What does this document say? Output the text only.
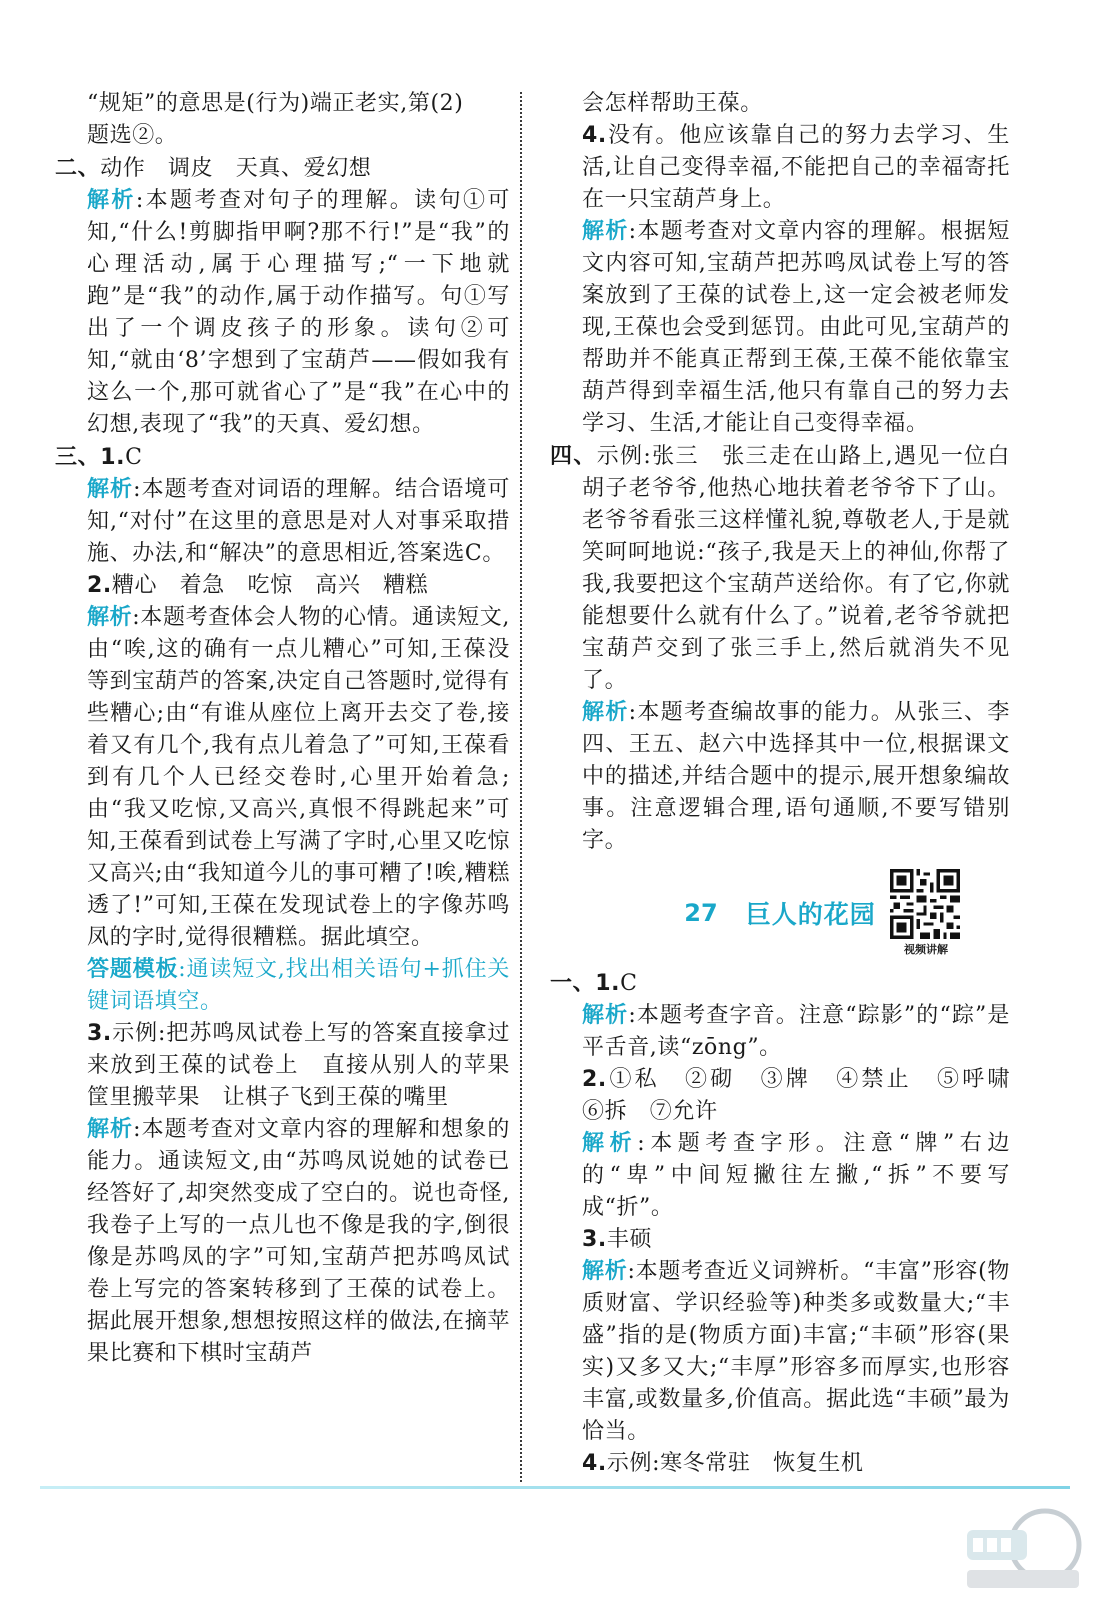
“规矩”的意思是(行为)端正老实,第(2)

题选②。

二、动作　调皮　天真、爱幻想

解析:本题考查对句子的理解。读句①可知,“什么!剪脚指甲啊?那不行!”是“我”的心理活动,属于心理描写;“一下地就跑”是“我”的动作,属于动作描写。句①写出了一个调皮孩子的形象。读句②可知,“就由‘8’字想到了宝葫芦——假如我有这么一个,那可就省心了”是“我”在心中的幻想,表现了“我”的天真、爱幻想。

三、1.C

解析:本题考查对词语的理解。结合语境可知,“对付”在这里的意思是对人对事采取措施、办法,和“解决”的意思相近,答案选C。

2.糟心　着急　吃惊　高兴　糟糕

解析:本题考查体会人物的心情。通读短文,由“唉,这的确有一点儿糟心”可知,王葆没等到宝葫芦的答案,决定自己答题时,觉得有些糟心;由“有谁从座位上离开去交了卷,接着又有几个,我有点儿着急了”可知,王葆看到有几个人已经交卷时,心里开始着急;由“我又吃惊,又高兴,真恨不得跳起来”可知,王葆看到试卷上写满了字时,心里又吃惊又高兴;由“我知道今儿的事可糟了!唉,糟糕透了!”可知,王葆在发现试卷上的字像苏鸣凤的字时,觉得很糟糕。据此填空。

答题模板:通读短文,找出相关语句+抓住关键词语填空。

3.示例:把苏鸣凤试卷上写的答案直接拿过来放到王葆的试卷上　直接从别人的苹果筐里搬苹果　让棋子飞到王葆的嘴里

解析:本题考查对文章内容的理解和想象的能力。通读短文,由“苏鸣凤说她的试卷已经答好了,却突然变成了空白的。说也奇怪,我卷子上写的一点儿也不像是我的字,倒很像是苏鸣凤的字”可知,宝葫芦把苏鸣凤试卷上写完的答案转移到了王葆的试卷上。据此展开想象,想想按照这样的做法,在摘苹果比赛和下棋时宝葫芦

会怎样帮助王葆。

4.没有。他应该靠自己的努力去学习、生活,让自己变得幸福,不能把自己的幸福寄托在一只宝葫芦身上。

解析:本题考查对文章内容的理解。根据短文内容可知,宝葫芦把苏鸣凤试卷上写的答案放到了王葆的试卷上,这一定会被老师发现,王葆也会受到惩罚。由此可见,宝葫芦的帮助并不能真正帮到王葆,王葆不能依靠宝葫芦得到幸福生活,他只有靠自己的努力去学习、生活,才能让自己变得幸福。

四、示例:张三　张三走在山路上,遇见一位白胡子老爷爷,他热心地扶着老爷爷下了山。老爷爷看张三这样懂礼貌,尊敬老人,于是就笑呵呵地说:“孩子,我是天上的神仙,你帮了我,我要把这个宝葫芦送给你。有了它,你就能想要什么就有什么了。”说着,老爷爷就把宝葫芦交到了张三手上,然后就消失不见了。

解析:本题考查编故事的能力。从张三、李四、王五、赵六中选择其中一位,根据课文中的描述,并结合题中的提示,展开想象编故事。注意逻辑合理,语句通顺,不要写错别字。

27 巨人的花园
视频讲解

一、1.C

解析:本题考查字音。注意“踪影”的“踪”是平舌音,读“zōng”。

2.①私　②砌　③牌　④禁止　⑤呼啸　⑥拆　⑦允许

解析:本题考查字形。注意“牌”右边的“卑”中间短撇往左撇,“拆”不要写成“折”。

3.丰硕

解析:本题考查近义词辨析。“丰富”形容(物质财富、学识经验等)种类多或数量大;“丰盛”指的是(物质方面)丰富;“丰硕”形容(果实)又多又大;“丰厚”形容多而厚实,也形容丰富,或数量多,价值高。据此选“丰硕”最为恰当。

4.示例:寒冬常驻　恢复生机
